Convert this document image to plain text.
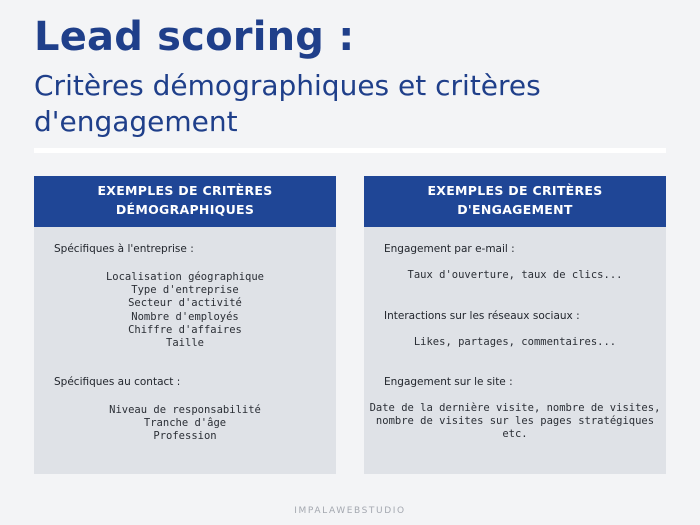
Lead scoring :
Critères démographiques et critères d'engagement
EXEMPLES DE CRITÈRES
DÉMOGRAPHIQUES
Spécifiques à l'entreprise :
Localisation géographique
Type d'entreprise
Secteur d'activité
Nombre d'employés
Chiffre d'affaires
Taille
Spécifiques au contact :
Niveau de responsabilité
Tranche d'âge
Profession
EXEMPLES DE CRITÈRES
D'ENGAGEMENT
Engagement par e-mail :
Taux d'ouverture, taux de clics...
Interactions sur les réseaux sociaux :
Likes, partages, commentaires...
Engagement sur le site :
Date de la dernière visite, nombre de visites,
nombre de visites sur les pages stratégiques
etc.
IMPALAWEBSTUDIO
